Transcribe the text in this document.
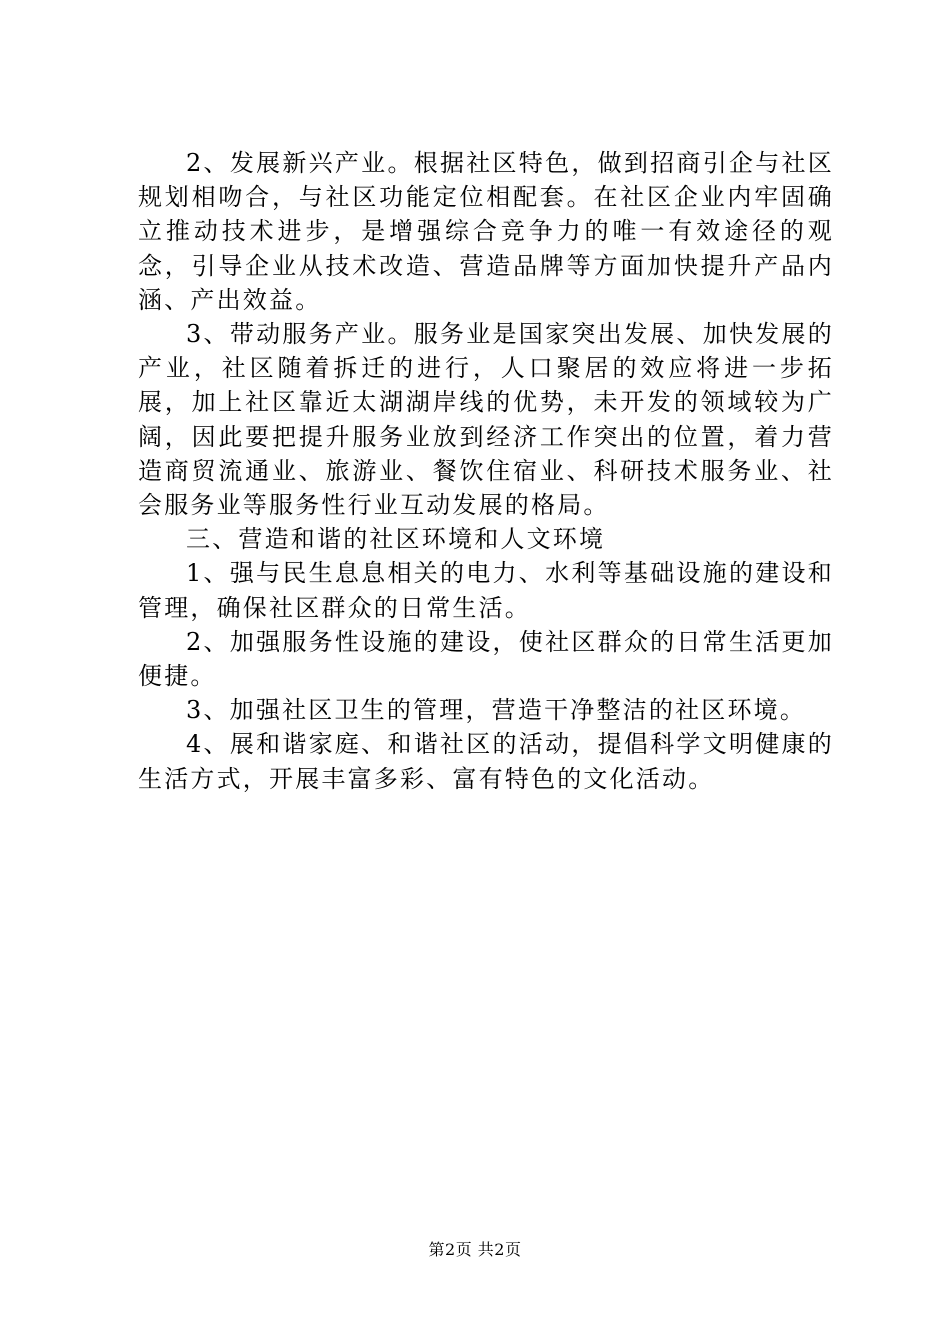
2、发展新兴产业。根据社区特色，做到招商引企与社区规划相吻合，与社区功能定位相配套。在社区企业内牢固确立推动技术进步，是增强综合竞争力的唯一有效途径的观念，引导企业从技术改造、营造品牌等方面加快提升产品内涵、产出效益。

3、带动服务产业。服务业是国家突出发展、加快发展的产业，社区随着拆迁的进行，人口聚居的效应将进一步拓展，加上社区靠近太湖湖岸线的优势，未开发的领域较为广阔，因此要把提升服务业放到经济工作突出的位置，着力营造商贸流通业、旅游业、餐饮住宿业、科研技术服务业、社会服务业等服务性行业互动发展的格局。

三、营造和谐的社区环境和人文环境

1、强与民生息息相关的电力、水利等基础设施的建设和管理，确保社区群众的日常生活。

2、加强服务性设施的建设，使社区群众的日常生活更加便捷。

3、加强社区卫生的管理，营造干净整洁的社区环境。

4、展和谐家庭、和谐社区的活动，提倡科学文明健康的生活方式，开展丰富多彩、富有特色的文化活动。

第2页 共2页
